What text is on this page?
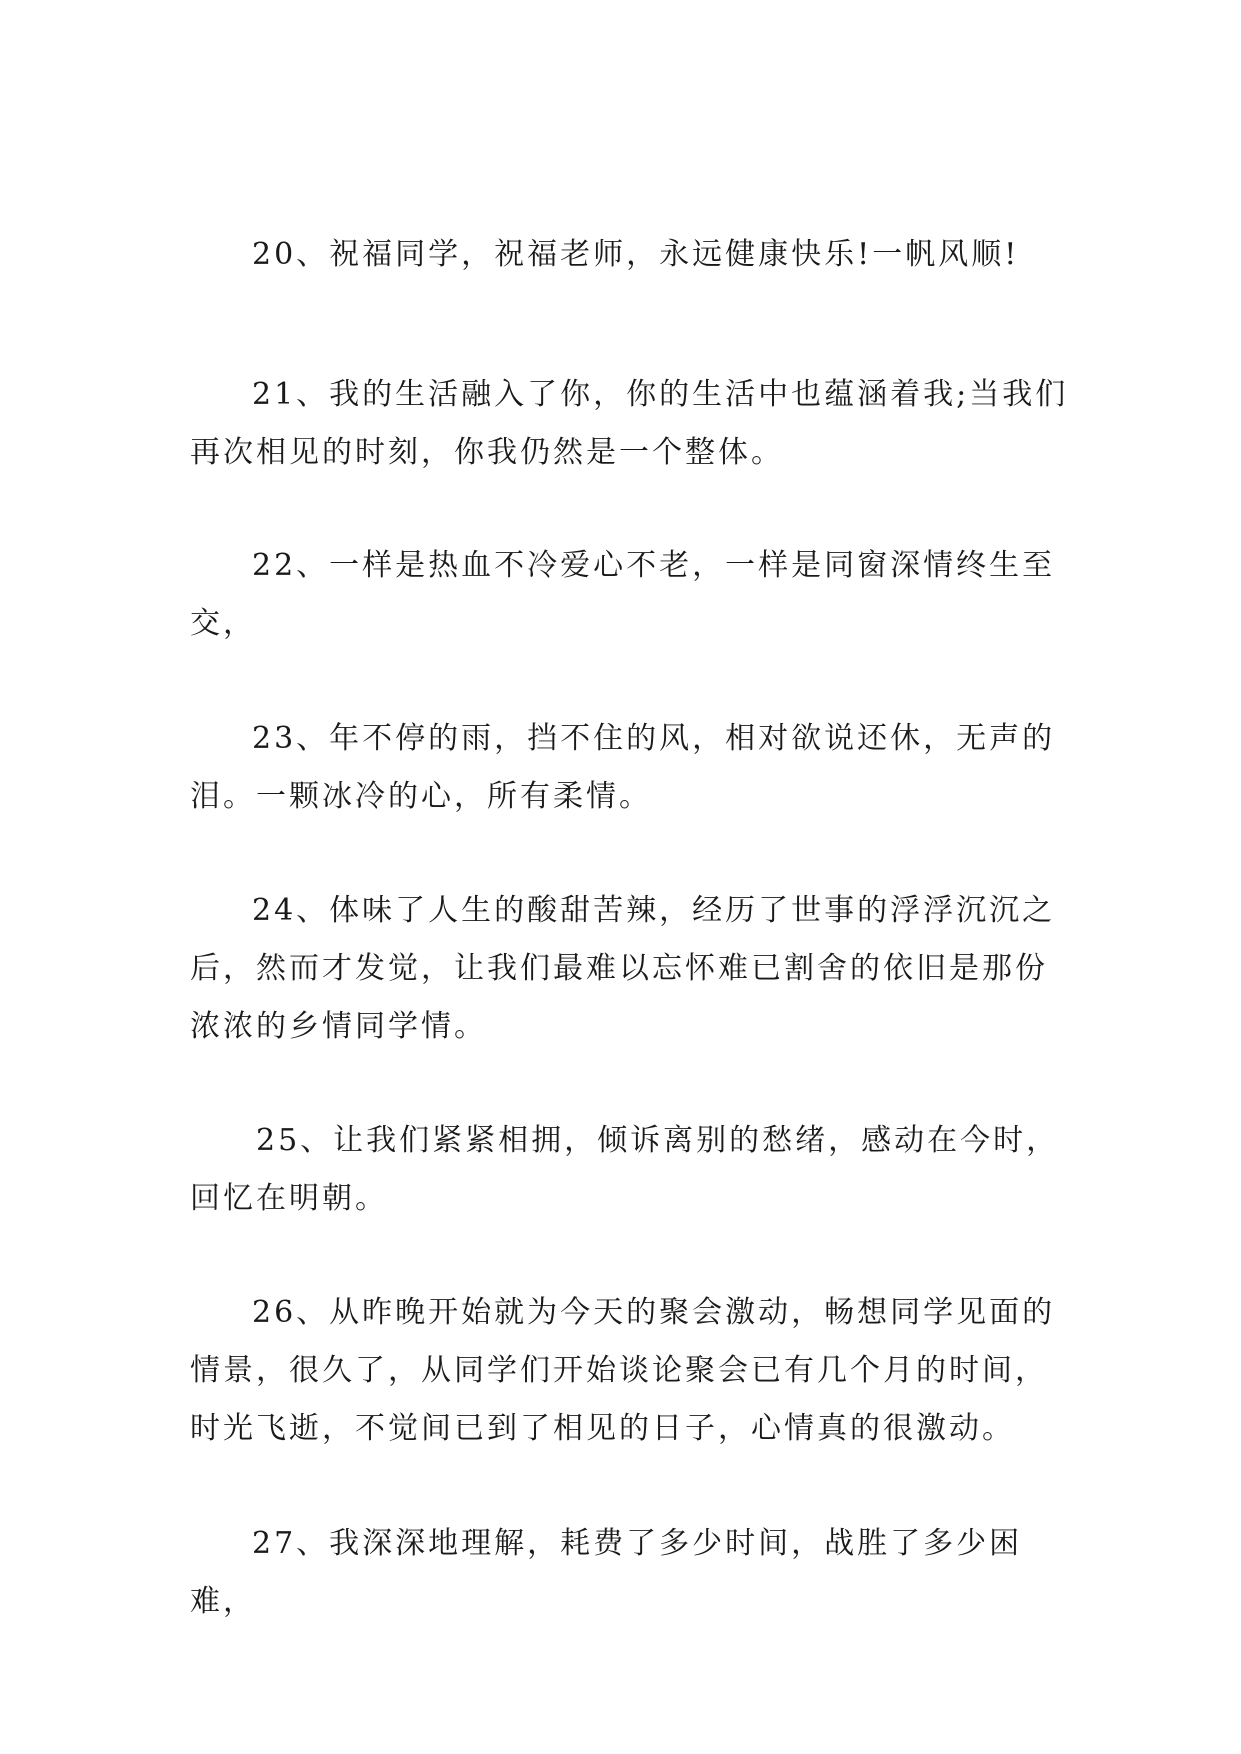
20、祝福同学，祝福老师，永远健康快乐!一帆风顺!

21、我的生活融入了你，你的生活中也蕴涵着我;当我们再次相见的时刻，你我仍然是一个整体。

22、一样是热血不冷爱心不老，一样是同窗深情终生至交，

23、年不停的雨，挡不住的风，相对欲说还休，无声的泪。一颗冰冷的心，所有柔情。

24、体味了人生的酸甜苦辣，经历了世事的浮浮沉沉之后，然而才发觉，让我们最难以忘怀难已割舍的依旧是那份浓浓的乡情同学情。

25、让我们紧紧相拥，倾诉离别的愁绪，感动在今时，回忆在明朝。

26、从昨晚开始就为今天的聚会激动，畅想同学见面的情景，很久了，从同学们开始谈论聚会已有几个月的时间，时光飞逝，不觉间已到了相见的日子，心情真的很激动。

27、我深深地理解，耗费了多少时间，战胜了多少困难，
